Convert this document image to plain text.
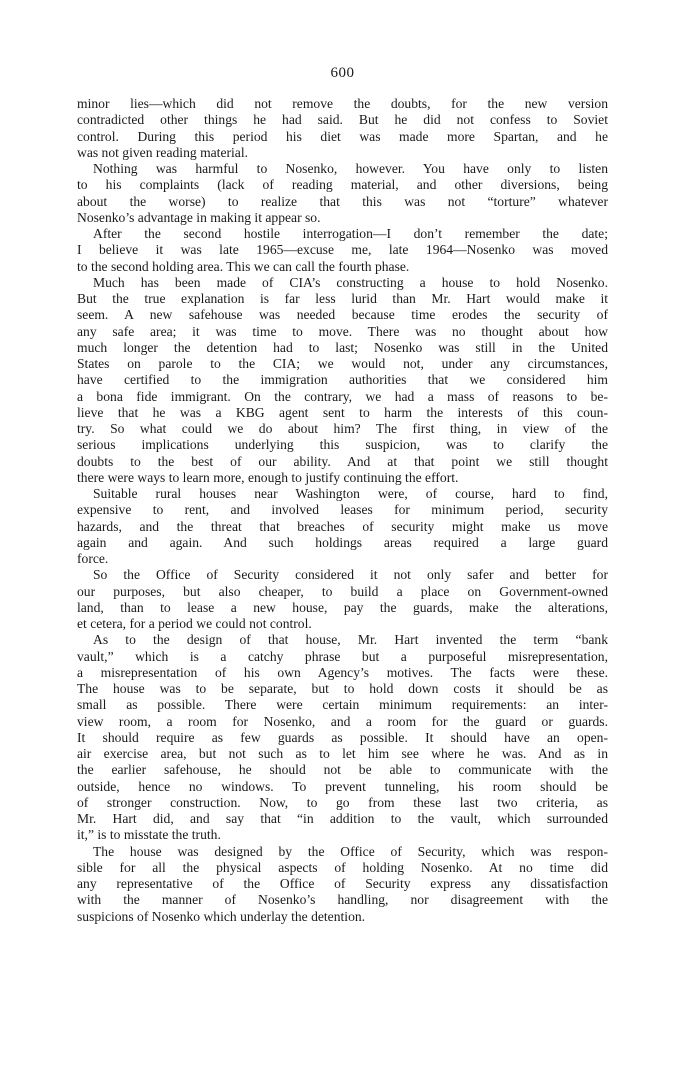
600
minor lies—which did not remove the doubts, for the new version
contradicted other things he had said. But he did not confess to Soviet
control. During this period his diet was made more Spartan, and he
was not given reading material.
Nothing was harmful to Nosenko, however. You have only to listen
to his complaints (lack of reading material, and other diversions, being
about the worse) to realize that this was not “torture” whatever
Nosenko’s advantage in making it appear so.
After the second hostile interrogation—I don’t remember the date;
I believe it was late 1965—excuse me, late 1964—Nosenko was moved
to the second holding area. This we can call the fourth phase.
Much has been made of CIA’s constructing a house to hold Nosenko.
But the true explanation is far less lurid than Mr. Hart would make it
seem. A new safehouse was needed because time erodes the security of
any safe area; it was time to move. There was no thought about how
much longer the detention had to last; Nosenko was still in the United
States on parole to the CIA; we would not, under any circumstances,
have certified to the immigration authorities that we considered him
a bona fide immigrant. On the contrary, we had a mass of reasons to be-
lieve that he was a KBG agent sent to harm the interests of this coun-
try. So what could we do about him? The first thing, in view of the
serious implications underlying this suspicion, was to clarify the
doubts to the best of our ability. And at that point we still thought
there were ways to learn more, enough to justify continuing the effort.
Suitable rural houses near Washington were, of course, hard to find,
expensive to rent, and involved leases for minimum period, security
hazards, and the threat that breaches of security might make us move
again and again. And such holdings areas required a large guard
force.
So the Office of Security considered it not only safer and better for
our purposes, but also cheaper, to build a place on Government-owned
land, than to lease a new house, pay the guards, make the alterations,
et cetera, for a period we could not control.
As to the design of that house, Mr. Hart invented the term “bank
vault,” which is a catchy phrase but a purposeful misrepresentation,
a misrepresentation of his own Agency’s motives. The facts were these.
The house was to be separate, but to hold down costs it should be as
small as possible. There were certain minimum requirements: an inter-
view room, a room for Nosenko, and a room for the guard or guards.
It should require as few guards as possible. It should have an open-
air exercise area, but not such as to let him see where he was. And as in
the earlier safehouse, he should not be able to communicate with the
outside, hence no windows. To prevent tunneling, his room should be
of stronger construction. Now, to go from these last two criteria, as
Mr. Hart did, and say that “in addition to the vault, which surrounded
it,” is to misstate the truth.
The house was designed by the Office of Security, which was respon-
sible for all the physical aspects of holding Nosenko. At no time did
any representative of the Office of Security express any dissatisfaction
with the manner of Nosenko’s handling, nor disagreement with the
suspicions of Nosenko which underlay the detention.
